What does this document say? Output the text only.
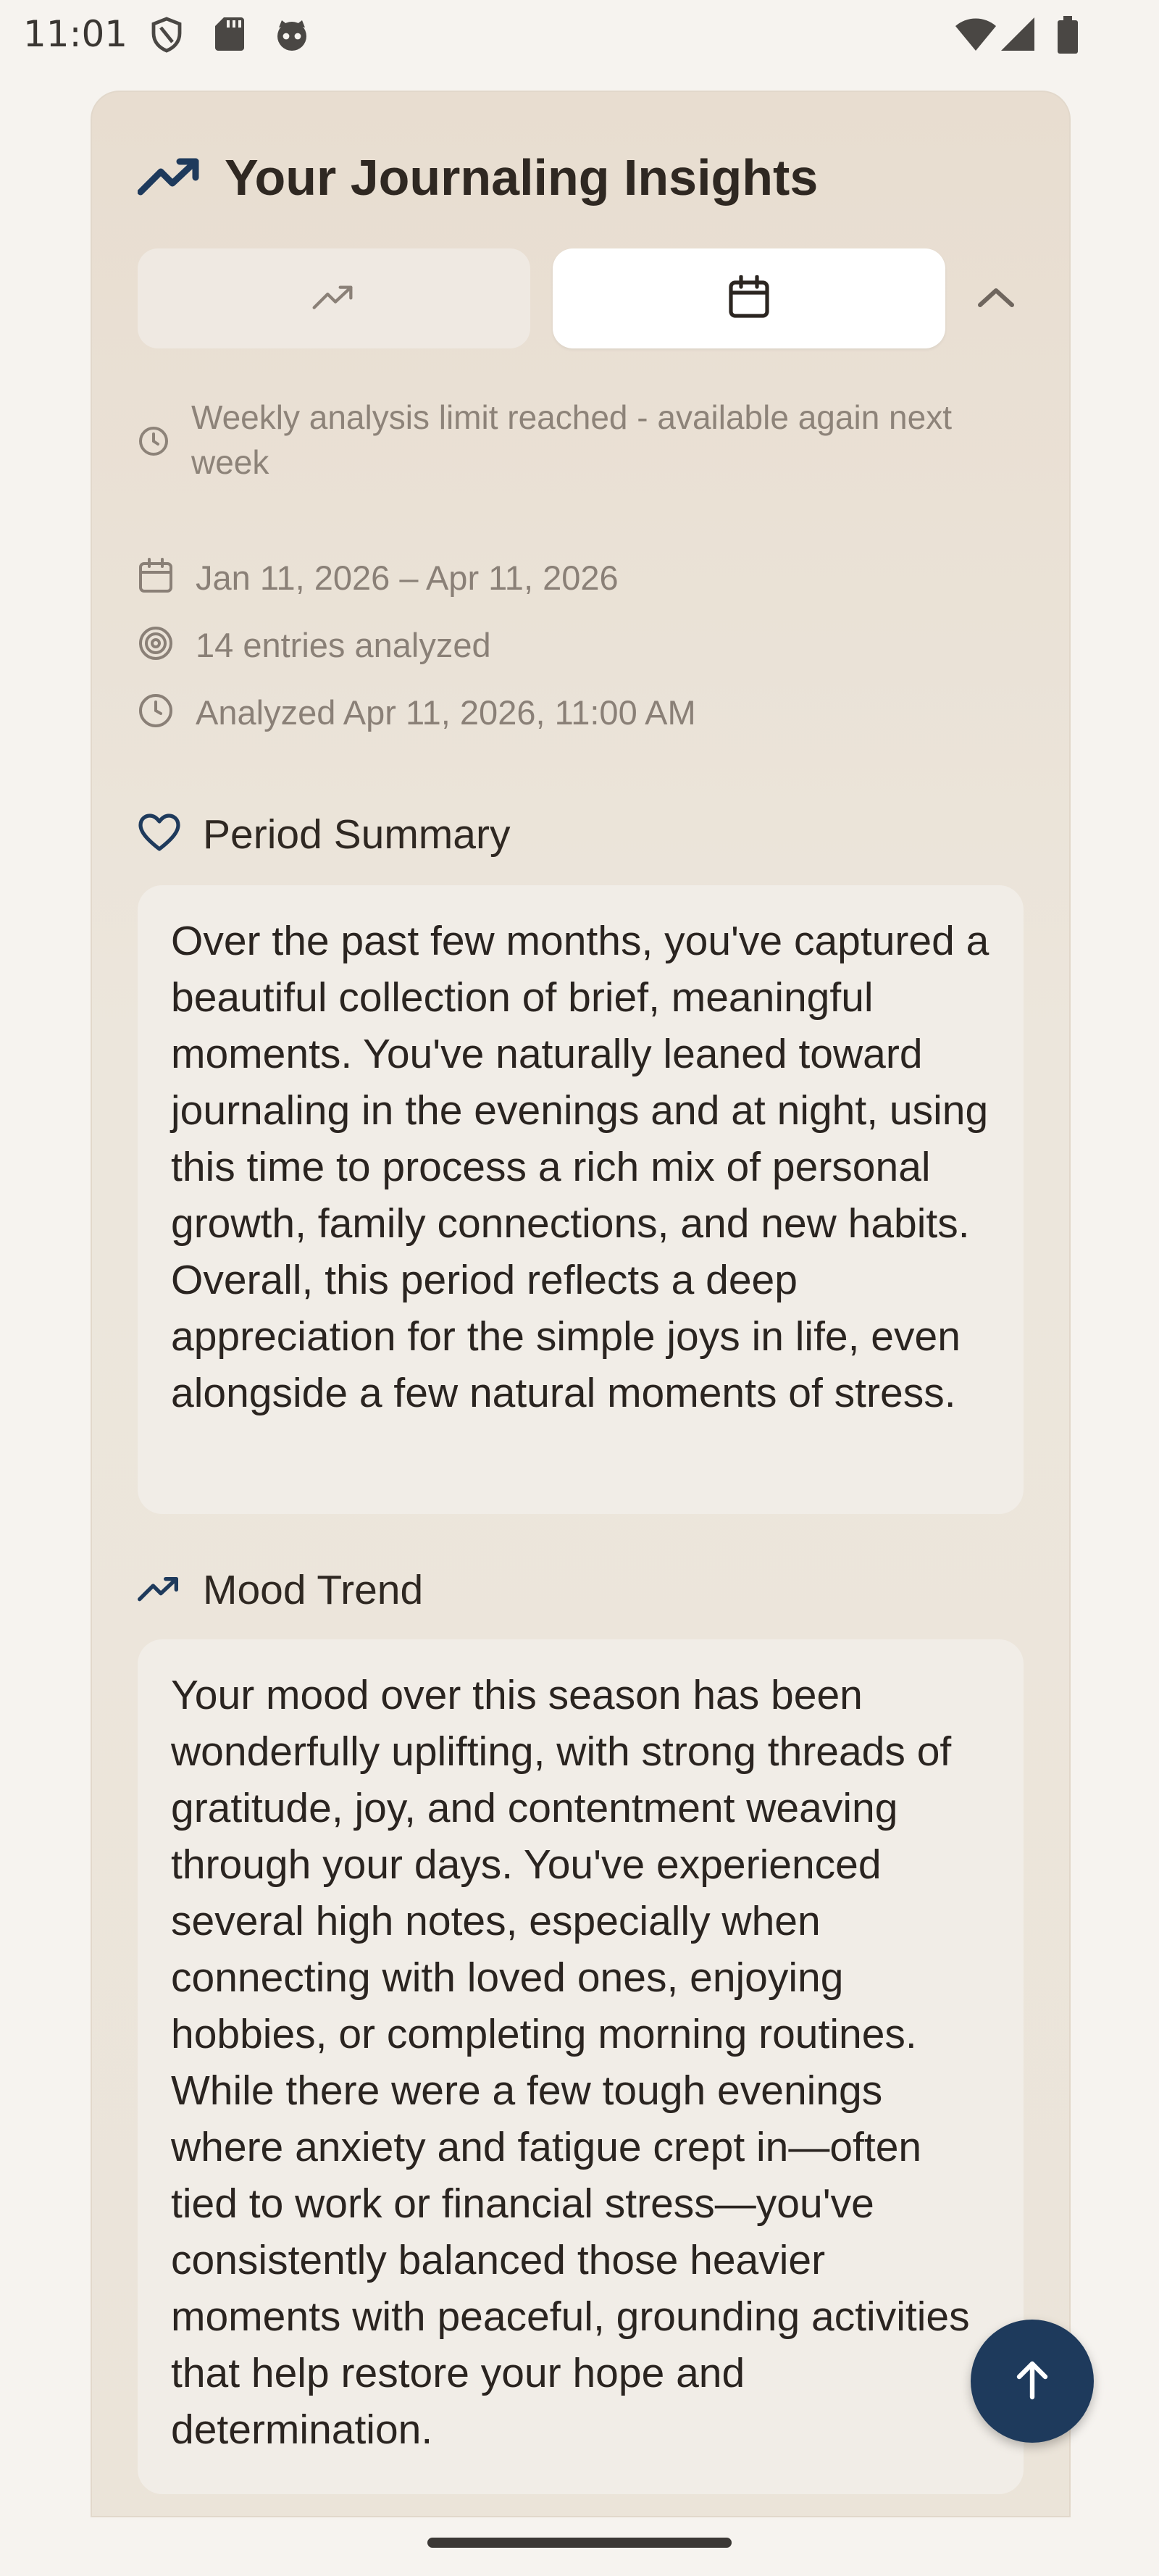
11:01
Your Journaling Insights
Weekly analysis limit reached - available again next week
Jan 11, 2026 – Apr 11, 2026
14 entries analyzed
Analyzed Apr 11, 2026, 11:00 AM
Period Summary

Over the past few months, you've captured a beautiful collection of brief, meaningful moments. You've naturally leaned toward journaling in the evenings and at night, using this time to process a rich mix of personal growth, family connections, and new habits. Overall, this period reflects a deep appreciation for the simple joys in life, even alongside a few natural moments of stress.

Mood Trend

Your mood over this season has been wonderfully uplifting, with strong threads of gratitude, joy, and contentment weaving through your days. You've experienced several high notes, especially when connecting with loved ones, enjoying hobbies, or completing morning routines. While there were a few tough evenings where anxiety and fatigue crept in—often tied to work or financial stress—you've consistently balanced those heavier moments with peaceful, grounding activities that help restore your hope and determination.
